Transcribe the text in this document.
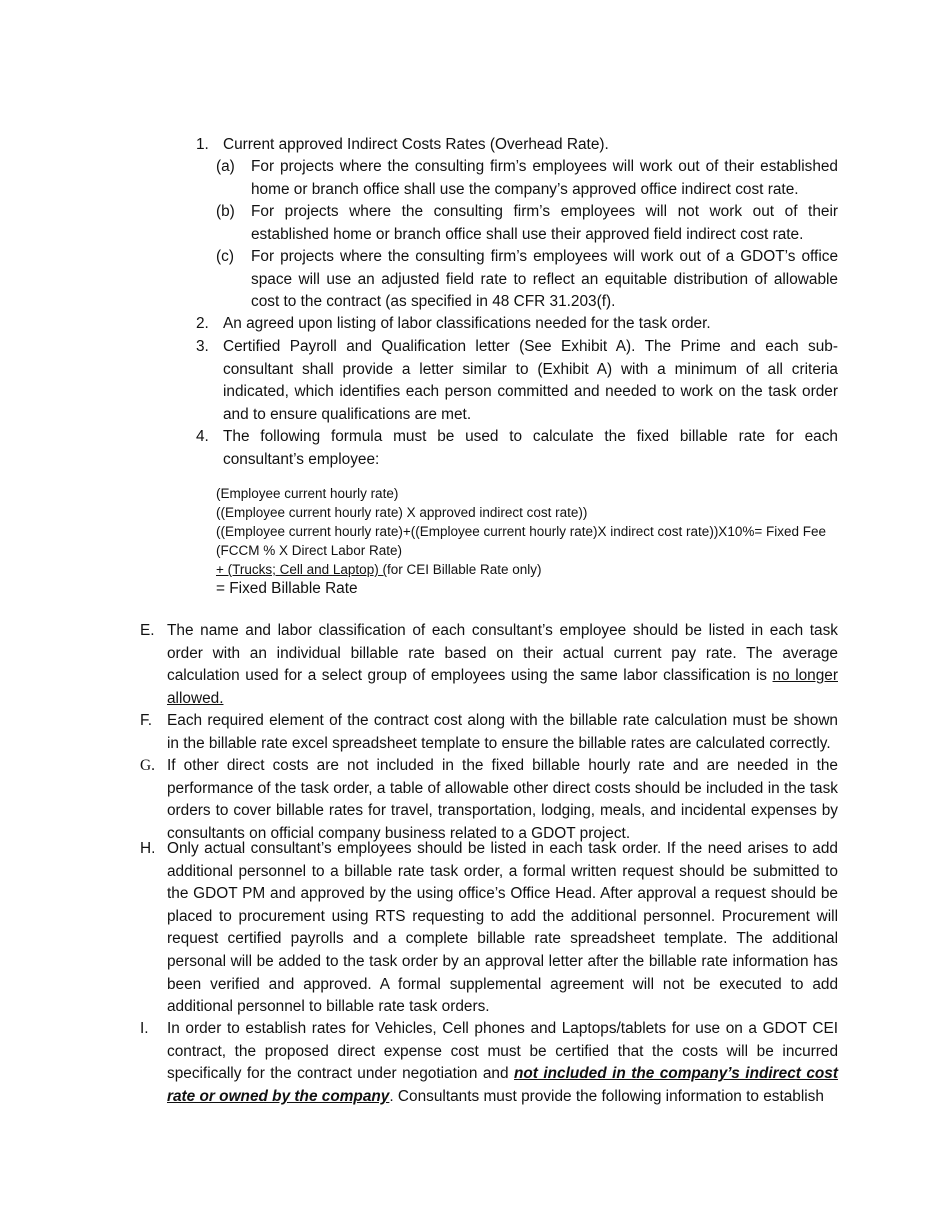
1. Current approved Indirect Costs Rates (Overhead Rate).
(a) For projects where the consulting firm’s employees will work out of their established home or branch office shall use the company’s approved office indirect cost rate.
(b) For projects where the consulting firm’s employees will not work out of their established home or branch office shall use their approved field indirect cost rate.
(c) For projects where the consulting firm’s employees will work out of a GDOT’s office space will use an adjusted field rate to reflect an equitable distribution of allowable cost to the contract (as specified in 48 CFR 31.203(f).
2. An agreed upon listing of labor classifications needed for the task order.
3. Certified Payroll and Qualification letter (See Exhibit A). The Prime and each sub-consultant shall provide a letter similar to (Exhibit A) with a minimum of all criteria indicated, which identifies each person committed and needed to work on the task order and to ensure qualifications are met.
4. The following formula must be used to calculate the fixed billable rate for each consultant’s employee:
(Employee current hourly rate)
((Employee current hourly rate) X approved indirect cost rate))
((Employee current hourly rate)+((Employee current hourly rate)X indirect cost rate))X10%= Fixed Fee
(FCCM % X Direct Labor Rate)
+ (Trucks; Cell and Laptop) (for CEI Billable Rate only)
= Fixed Billable Rate
E. The name and labor classification of each consultant’s employee should be listed in each task order with an individual billable rate based on their actual current pay rate. The average calculation used for a select group of employees using the same labor classification is no longer allowed.
F. Each required element of the contract cost along with the billable rate calculation must be shown in the billable rate excel spreadsheet template to ensure the billable rates are calculated correctly.
G. If other direct costs are not included in the fixed billable hourly rate and are needed in the performance of the task order, a table of allowable other direct costs should be included in the task orders to cover billable rates for travel, transportation, lodging, meals, and incidental expenses by consultants on official company business related to a GDOT project.
H. Only actual consultant’s employees should be listed in each task order. If the need arises to add additional personnel to a billable rate task order, a formal written request should be submitted to the GDOT PM and approved by the using office’s Office Head. After approval a request should be placed to procurement using RTS requesting to add the additional personnel. Procurement will request certified payrolls and a complete billable rate spreadsheet template. The additional personal will be added to the task order by an approval letter after the billable rate information has been verified and approved. A formal supplemental agreement will not be executed to add additional personnel to billable rate task orders.
I. In order to establish rates for Vehicles, Cell phones and Laptops/tablets for use on a GDOT CEI contract, the proposed direct expense cost must be certified that the costs will be incurred specifically for the contract under negotiation and not included in the company’s indirect cost rate or owned by the company. Consultants must provide the following information to establish
